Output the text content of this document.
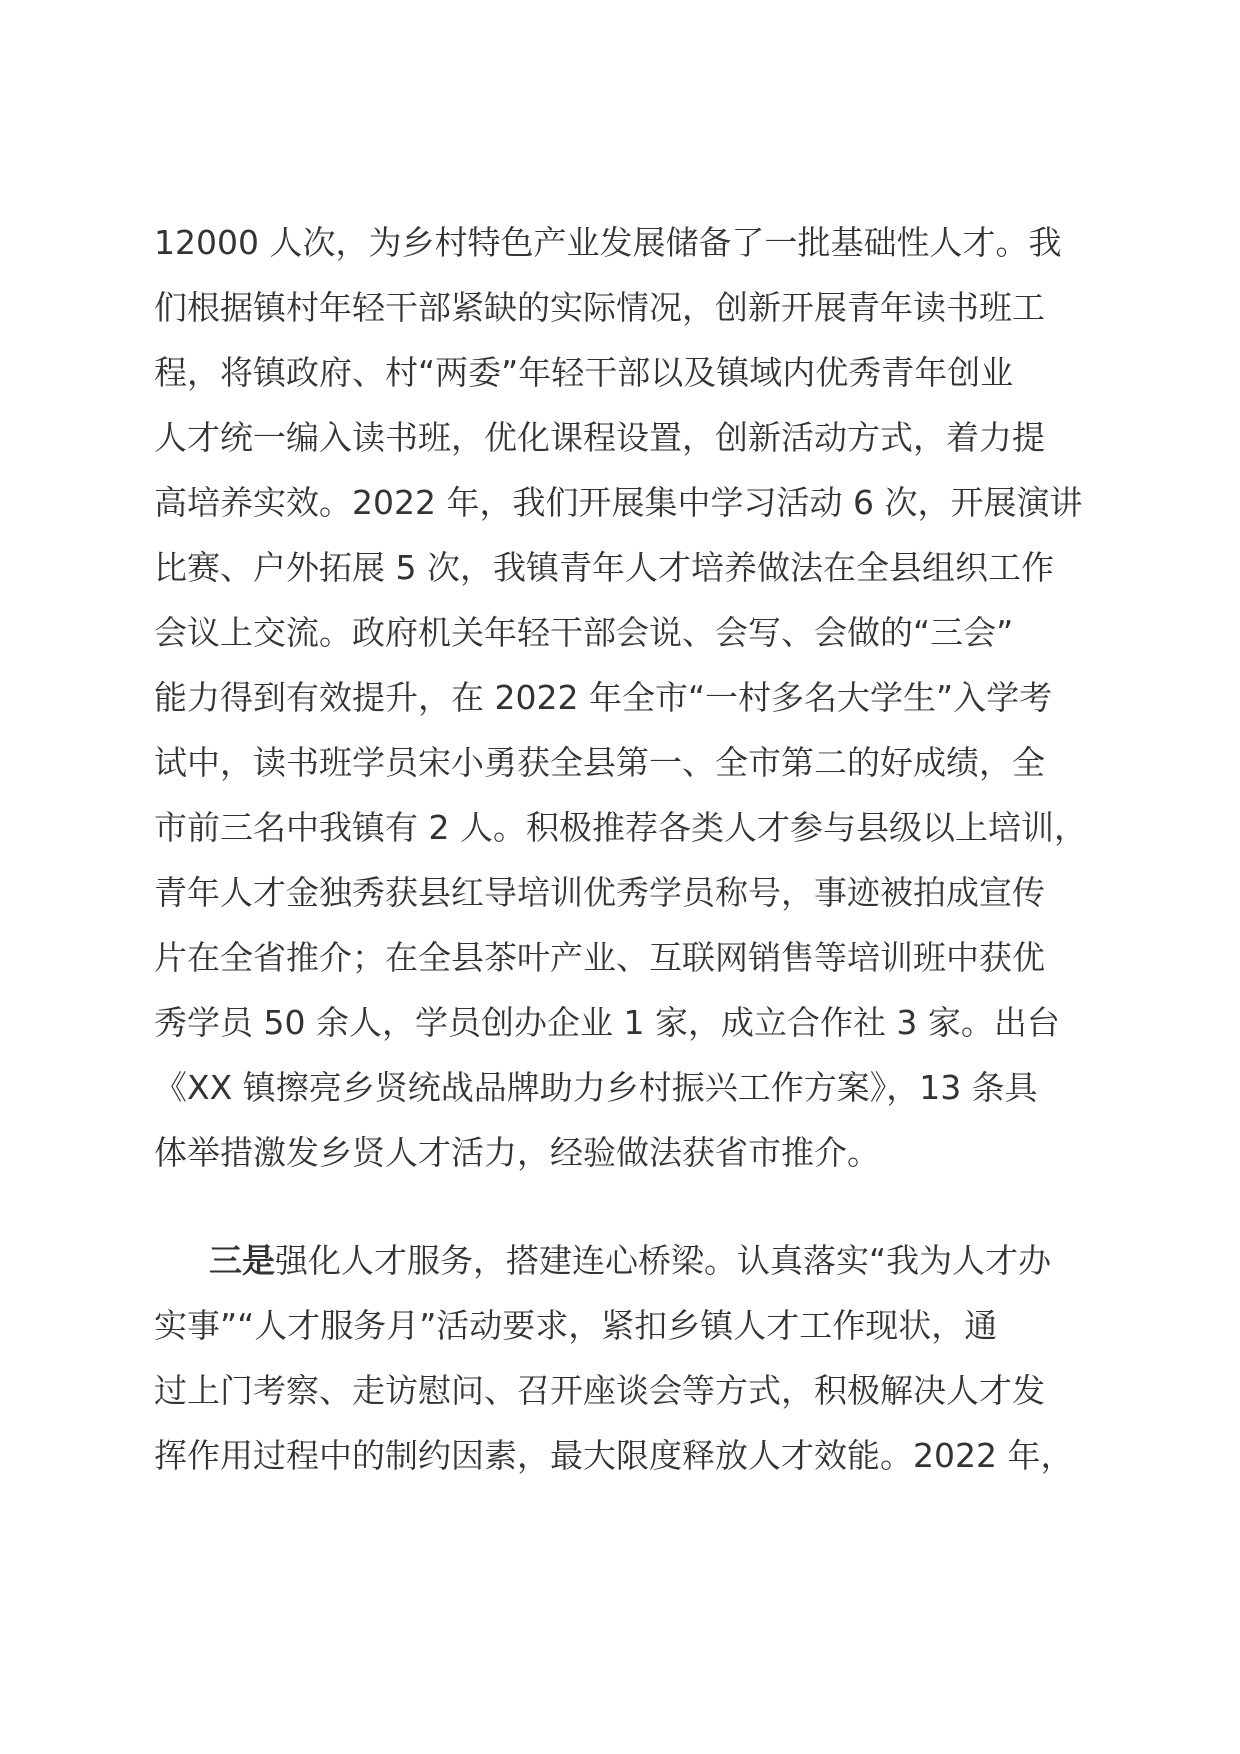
12000 人次，为乡村特色产业发展储备了一批基础性人才。我
们根据镇村年轻干部紧缺的实际情况，创新开展青年读书班工
程，将镇政府、村“两委”年轻干部以及镇域内优秀青年创业
人才统一编入读书班，优化课程设置，创新活动方式，着力提
高培养实效。2022 年，我们开展集中学习活动 6 次，开展演讲
比赛、户外拓展 5 次，我镇青年人才培养做法在全县组织工作
会议上交流。政府机关年轻干部会说、会写、会做的“三会”
能力得到有效提升，在 2022 年全市“一村多名大学生”入学考
试中，读书班学员宋小勇获全县第一、全市第二的好成绩，全
市前三名中我镇有 2 人。积极推荐各类人才参与县级以上培训，
青年人才金独秀获县红导培训优秀学员称号，事迹被拍成宣传
片在全省推介；在全县茶叶产业、互联网销售等培训班中获优
秀学员 50 余人，学员创办企业 1 家，成立合作社 3 家。出台
《XX 镇擦亮乡贤统战品牌助力乡村振兴工作方案》，13 条具
体举措激发乡贤人才活力，经验做法获省市推介。
三是强化人才服务，搭建连心桥梁。认真落实“我为人才办
实事”“人才服务月”活动要求，紧扣乡镇人才工作现状，通
过上门考察、走访慰问、召开座谈会等方式，积极解决人才发
挥作用过程中的制约因素，最大限度释放人才效能。2022 年，
